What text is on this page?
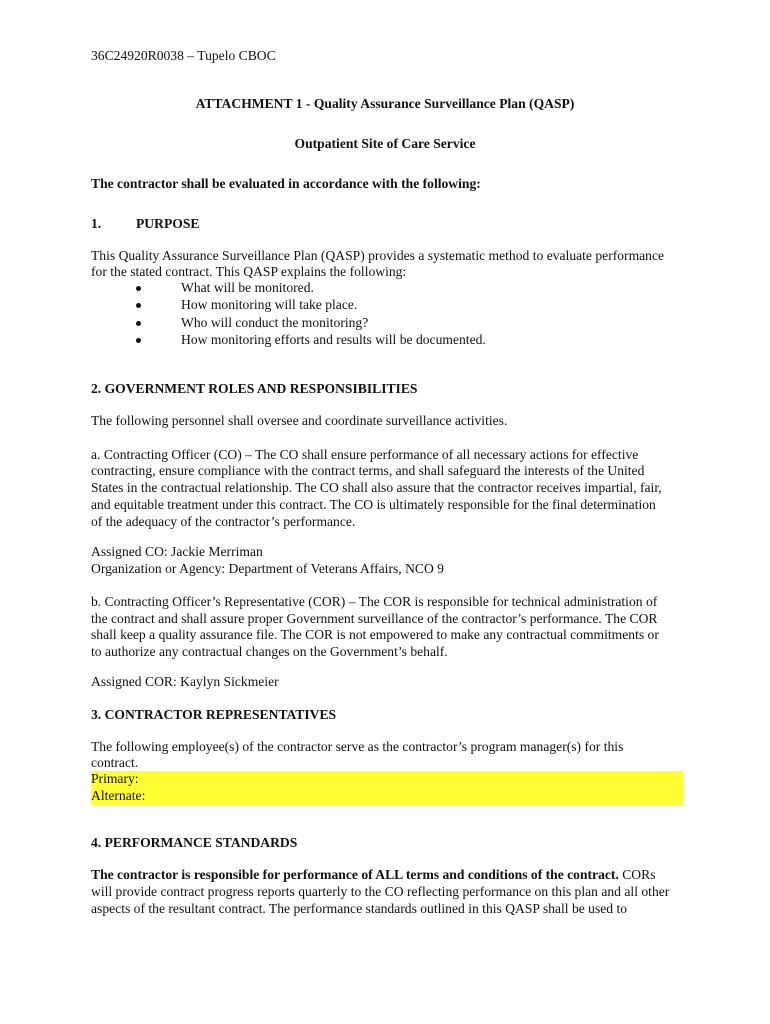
36C24920R0038 – Tupelo CBOC

ATTACHMENT 1 - Quality Assurance Surveillance Plan (QASP)

Outpatient Site of Care Service

The contractor shall be evaluated in accordance with the following:

1.	PURPOSE

This Quality Assurance Surveillance Plan (QASP) provides a systematic method to evaluate performance

for the stated contract. This QASP explains the following:

What will be monitored.
How monitoring will take place.
Who will conduct the monitoring?
How monitoring efforts and results will be documented.

2. GOVERNMENT ROLES AND RESPONSIBILITIES

The following personnel shall oversee and coordinate surveillance activities.

a. Contracting Officer (CO) – The CO shall ensure performance of all necessary actions for effective

contracting, ensure compliance with the contract terms, and shall safeguard the interests of the United

States in the contractual relationship. The CO shall also assure that the contractor receives impartial, fair,

and equitable treatment under this contract. The CO is ultimately responsible for the final determination

of the adequacy of the contractor’s performance.

Assigned CO: Jackie Merriman

Organization or Agency: Department of Veterans Affairs, NCO 9

b. Contracting Officer’s Representative (COR) – The COR is responsible for technical administration of

the contract and shall assure proper Government surveillance of the contractor’s performance. The COR

shall keep a quality assurance file. The COR is not empowered to make any contractual commitments or

to authorize any contractual changes on the Government’s behalf.

Assigned COR: Kaylyn Sickmeier

3. CONTRACTOR REPRESENTATIVES

The following employee(s) of the contractor serve as the contractor’s program manager(s) for this

contract.

Primary:
Alternate:

4. PERFORMANCE STANDARDS

The contractor is responsible for performance of ALL terms and conditions of the contract. CORs

will provide contract progress reports quarterly to the CO reflecting performance on this plan and all other

aspects of the resultant contract. The performance standards outlined in this QASP shall be used to
